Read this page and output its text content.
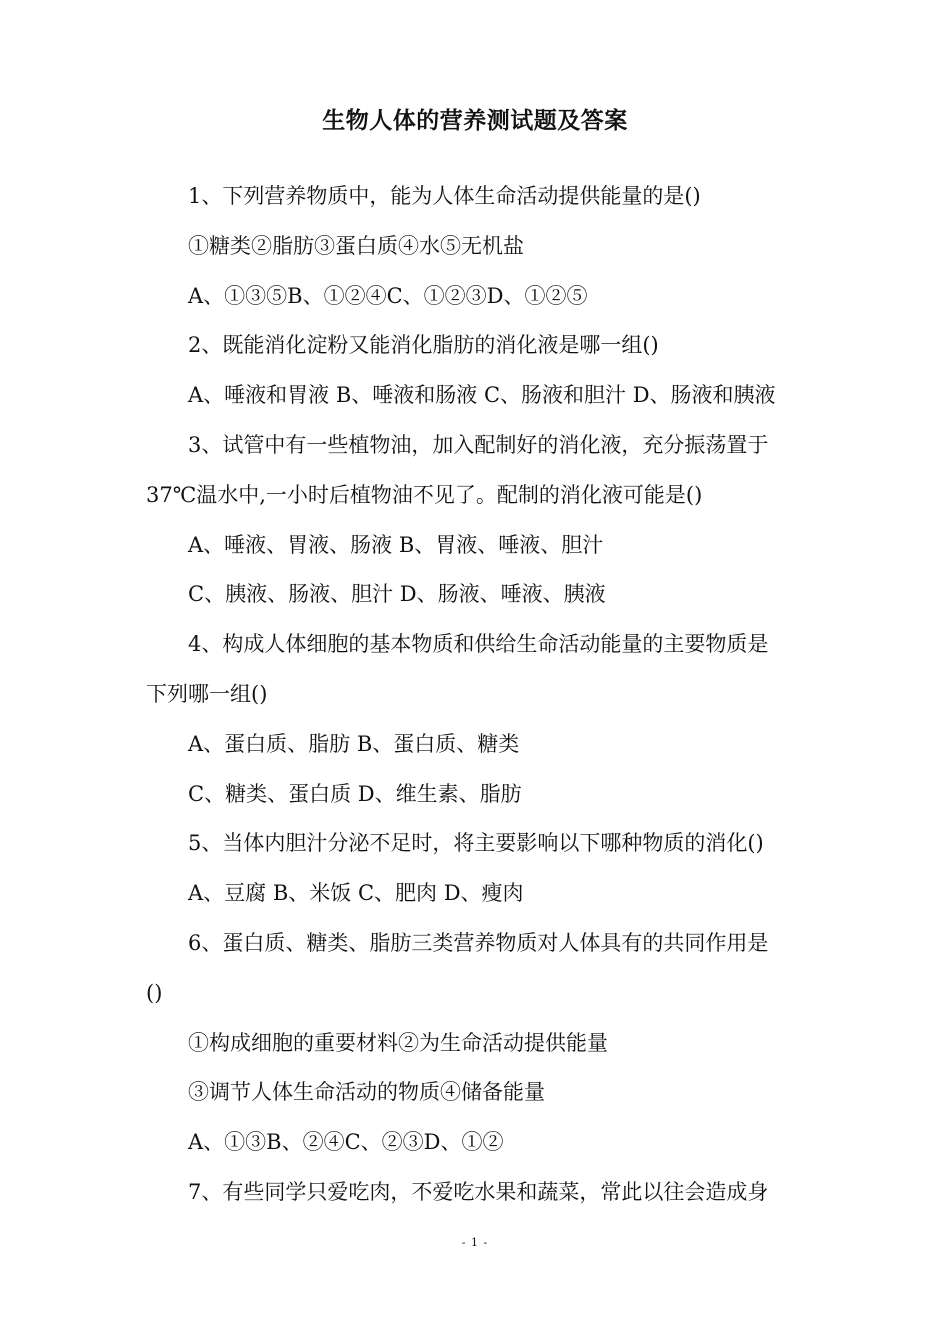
生物人体的营养测试题及答案
1、下列营养物质中，能为人体生命活动提供能量的是()
①糖类②脂肪③蛋白质④水⑤无机盐
A、①③⑤B、①②④C、①②③D、①②⑤
2、既能消化淀粉又能消化脂肪的消化液是哪一组()
A、唾液和胃液 B、唾液和肠液 C、肠液和胆汁 D、肠液和胰液
3、试管中有一些植物油，加入配制好的消化液，充分振荡置于
37℃温水中,一小时后植物油不见了。配制的消化液可能是()
A、唾液、胃液、肠液 B、胃液、唾液、胆汁
C、胰液、肠液、胆汁 D、肠液、唾液、胰液
4、构成人体细胞的基本物质和供给生命活动能量的主要物质是
下列哪一组()
A、蛋白质、脂肪 B、蛋白质、糖类
C、糖类、蛋白质 D、维生素、脂肪
5、当体内胆汁分泌不足时，将主要影响以下哪种物质的消化()
A、豆腐 B、米饭 C、肥肉 D、瘦肉
6、蛋白质、糖类、脂肪三类营养物质对人体具有的共同作用是
()
①构成细胞的重要材料②为生命活动提供能量
③调节人体生命活动的物质④储备能量
A、①③B、②④C、②③D、①②
7、有些同学只爱吃肉，不爱吃水果和蔬菜，常此以往会造成身
- 1 -
